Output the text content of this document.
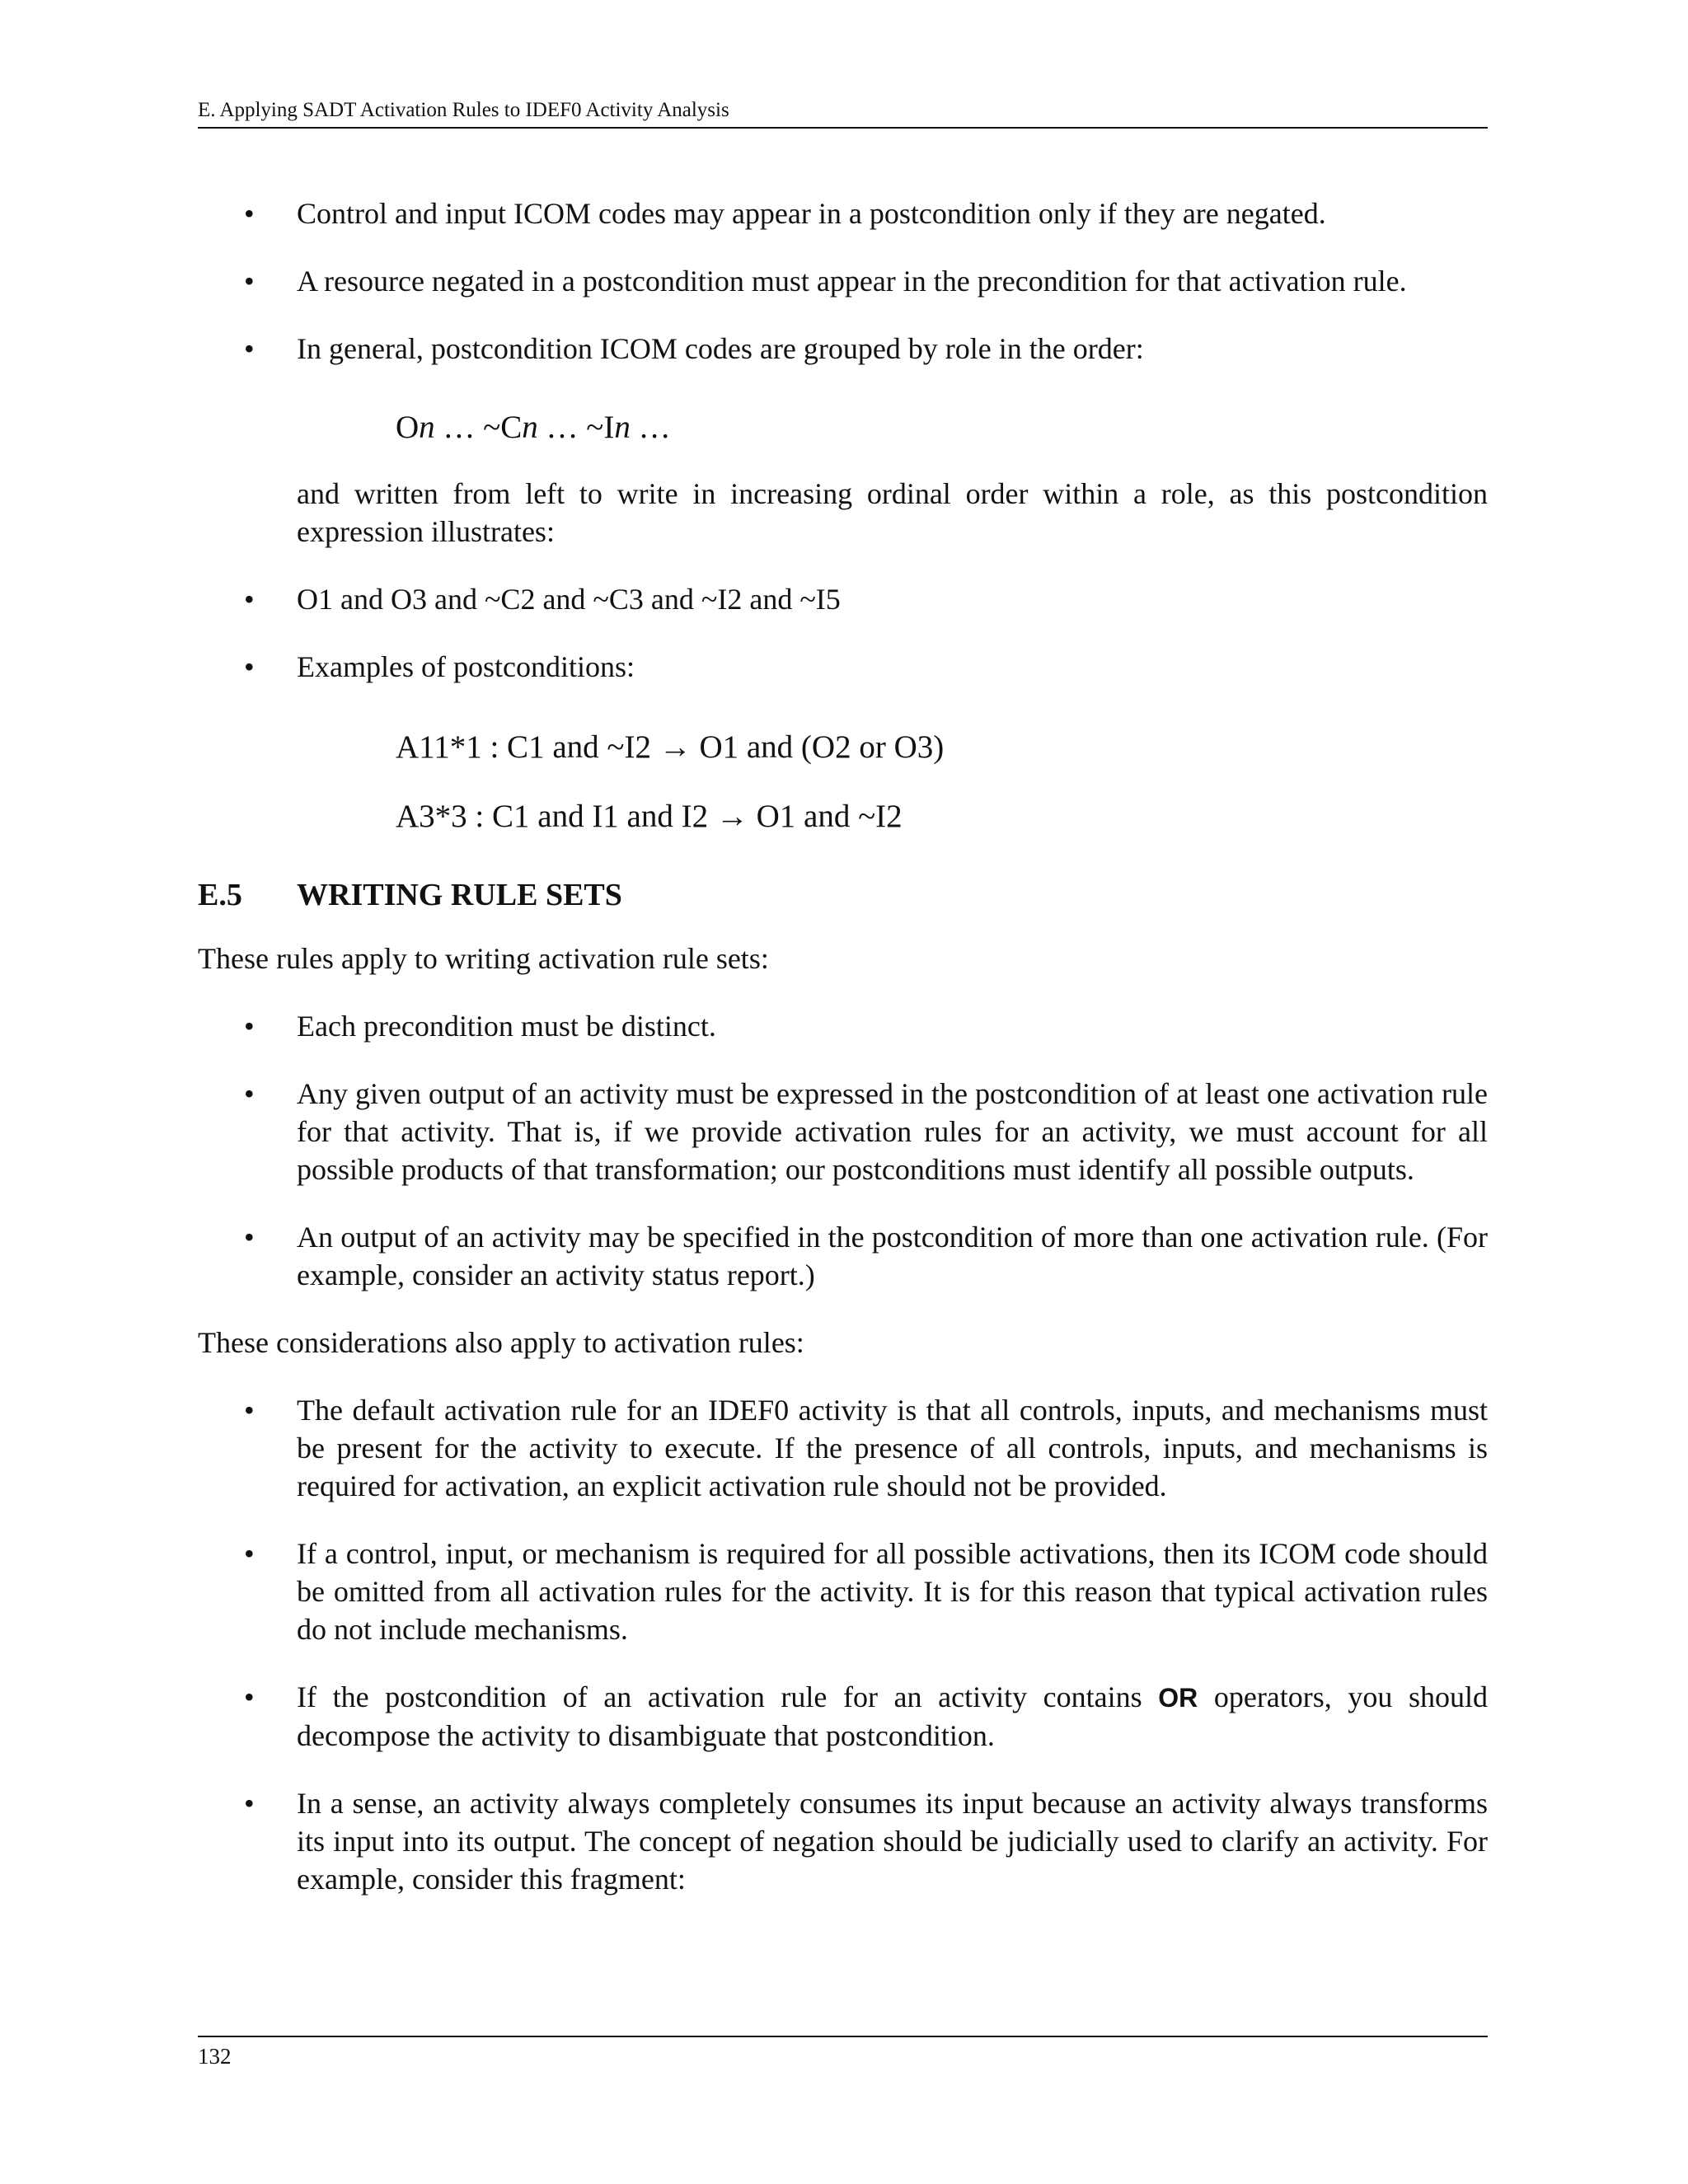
E. Applying SADT Activation Rules to IDEF0 Activity Analysis
• Control and input ICOM codes may appear in a postcondition only if they are negated.
• A resource negated in a postcondition must appear in the precondition for that activation rule.
• In general, postcondition ICOM codes are grouped by role in the order:
On … ~Cn … ~In …
and written from left to write in increasing ordinal order within a role, as this postcondition expression illustrates:
• O1 and O3 and ~C2 and ~C3 and ~I2 and ~I5
• Examples of postconditions:
A11*1 : C1 and ~I2 → O1 and (O2 or O3)
A3*3 : C1 and I1 and I2 → O1 and ~I2
E.5	WRITING RULE SETS
These rules apply to writing activation rule sets:
• Each precondition must be distinct.
• Any given output of an activity must be expressed in the postcondition of at least one activation rule for that activity. That is, if we provide activation rules for an activity, we must account for all possible products of that transformation; our postconditions must identify all possible outputs.
• An output of an activity may be specified in the postcondition of more than one activation rule. (For example, consider an activity status report.)
These considerations also apply to activation rules:
• The default activation rule for an IDEF0 activity is that all controls, inputs, and mechanisms must be present for the activity to execute. If the presence of all controls, inputs, and mechanisms is required for activation, an explicit activation rule should not be provided.
• If a control, input, or mechanism is required for all possible activations, then its ICOM code should be omitted from all activation rules for the activity. It is for this reason that typical activation rules do not include mechanisms.
• If the postcondition of an activation rule for an activity contains OR operators, you should decompose the activity to disambiguate that postcondition.
• In a sense, an activity always completely consumes its input because an activity always transforms its input into its output. The concept of negation should be judicially used to clarify an activity. For example, consider this fragment:
132
